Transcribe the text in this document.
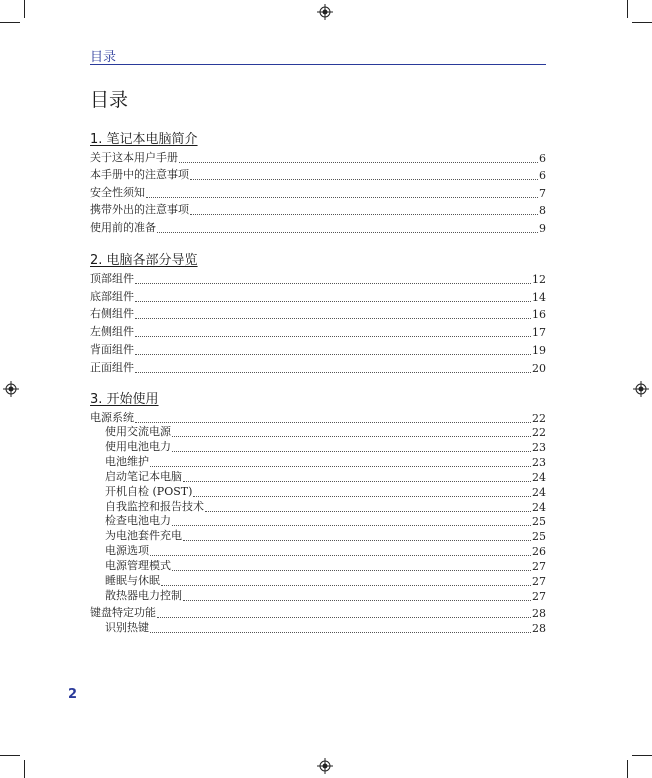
目录
目录
1. 笔记本电脑简介
关于这本用户手册	6
本手册中的注意事项	6
安全性须知	7
携带外出的注意事项	8
使用前的准备	9
2. 电脑各部分导览
顶部组件	12
底部组件	14
右侧组件	16
左侧组件	17
背面组件	19
正面组件	20
3. 开始使用
电源系统	22
使用交流电源	22
使用电池电力	23
电池维护	23
启动笔记本电脑	24
开机自检 (POST)	24
自我监控和报告技术	24
检查电池电力	25
为电池套件充电	25
电源选项	26
电源管理模式	27
睡眠与休眠	27
散热器电力控制	27
键盘特定功能	28
识别热键	28
2
